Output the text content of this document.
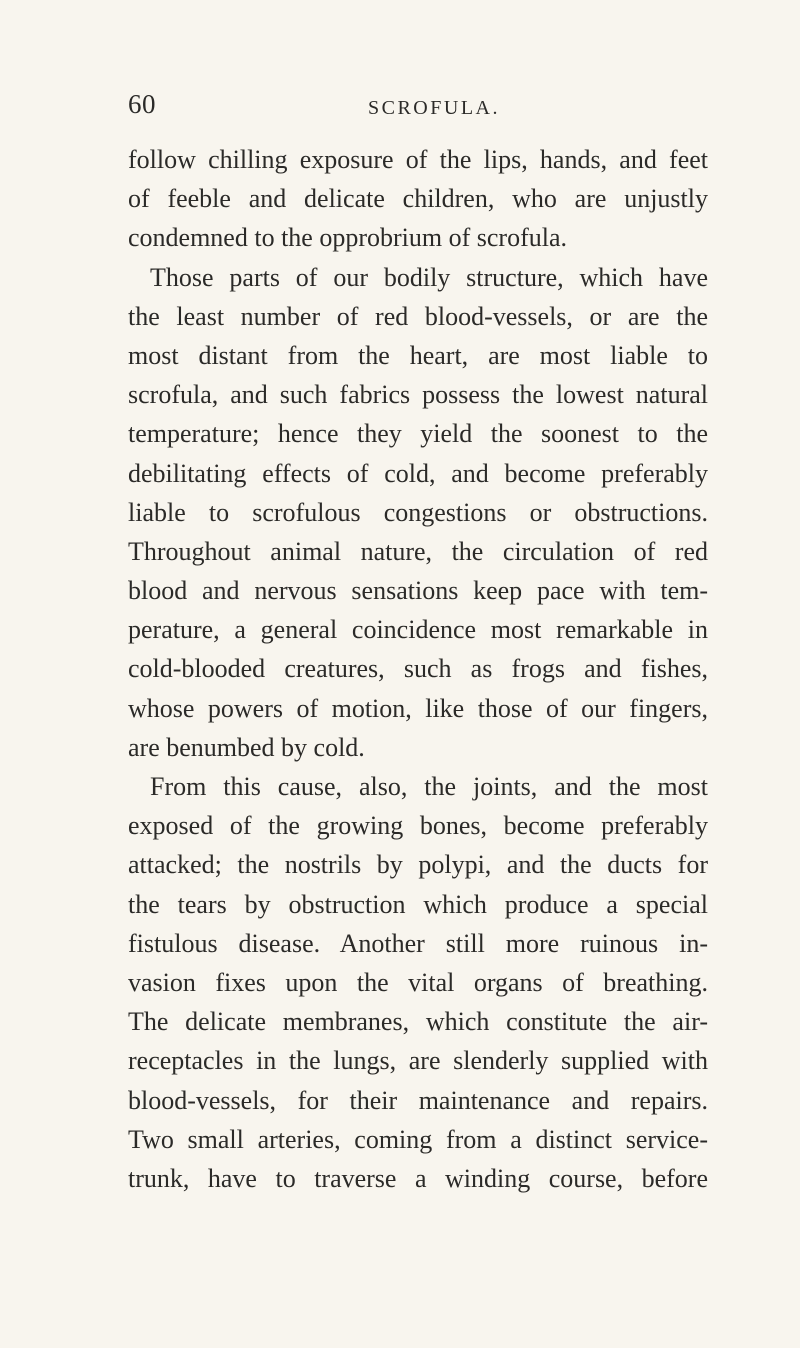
60	SCROFULA.
follow chilling exposure of the lips, hands, and feet
of feeble and delicate children, who are unjustly
condemned to the opprobrium of scrofula.
Those parts of our bodily structure, which have
the least number of red blood-vessels, or are the
most distant from the heart, are most liable to
scrofula, and such fabrics possess the lowest natural
temperature; hence they yield the soonest to the
debilitating effects of cold, and become preferably
liable to scrofulous congestions or obstructions.
Throughout animal nature, the circulation of red
blood and nervous sensations keep pace with tem-
perature, a general coincidence most remarkable in
cold-blooded creatures, such as frogs and fishes,
whose powers of motion, like those of our fingers,
are benumbed by cold.
From this cause, also, the joints, and the most
exposed of the growing bones, become preferably
attacked; the nostrils by polypi, and the ducts for
the tears by obstruction which produce a special
fistulous disease. Another still more ruinous in-
vasion fixes upon the vital organs of breathing.
The delicate membranes, which constitute the air-
receptacles in the lungs, are slenderly supplied with
blood-vessels, for their maintenance and repairs.
Two small arteries, coming from a distinct service-
trunk, have to traverse a winding course, before
